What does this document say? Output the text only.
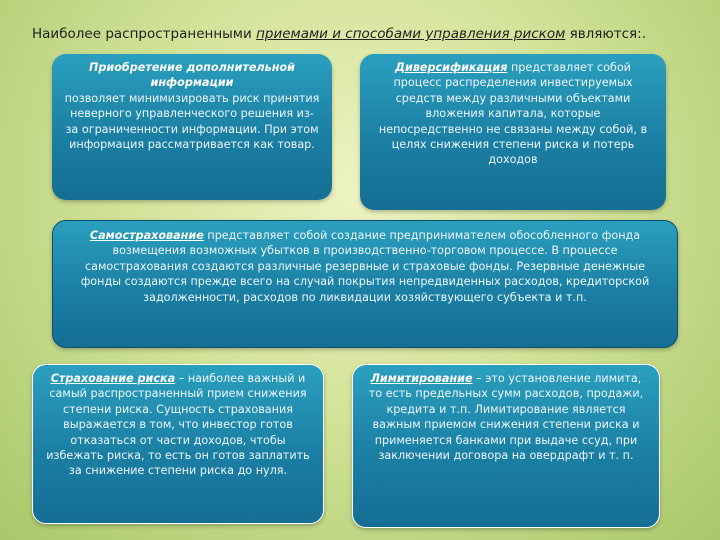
Наиболее распространенными приемами и способами управления риском являются:.
Приобретение дополнительной
информации
позволяет минимизировать риск принятия неверного управленческого решения из-за ограниченности информации. При этом информация рассматривается как товар.
Диверсификация представляет собой процесс распределения инвестируемых средств между различными объектами вложения капитала, которые непосредственно не связаны между собой, в целях снижения степени риска и потерь доходов
Самострахование представляет собой создание предпринимателем обособленного фонда возмещения возможных убытков в производственно-торговом процессе. В процессе самострахования создаются различные резервные и страховые фонды. Резервные денежные фонды создаются прежде всего на случай покрытия непредвиденных расходов, кредиторской задолженности, расходов по ликвидации хозяйствующего субъекта и т.п.
Страхование риска – наиболее важный и самый распространенный прием снижения степени риска. Сущность страхования выражается в том, что инвестор готов отказаться от части доходов, чтобы избежать риска, то есть он готов заплатить за снижение степени риска до нуля.
Лимитирование – это установление лимита, то есть предельных сумм расходов, продажи, кредита и т.п. Лимитирование является важным приемом снижения степени риска и применяется банками при выдаче ссуд, при заключении договора на овердрафт и т. п.
